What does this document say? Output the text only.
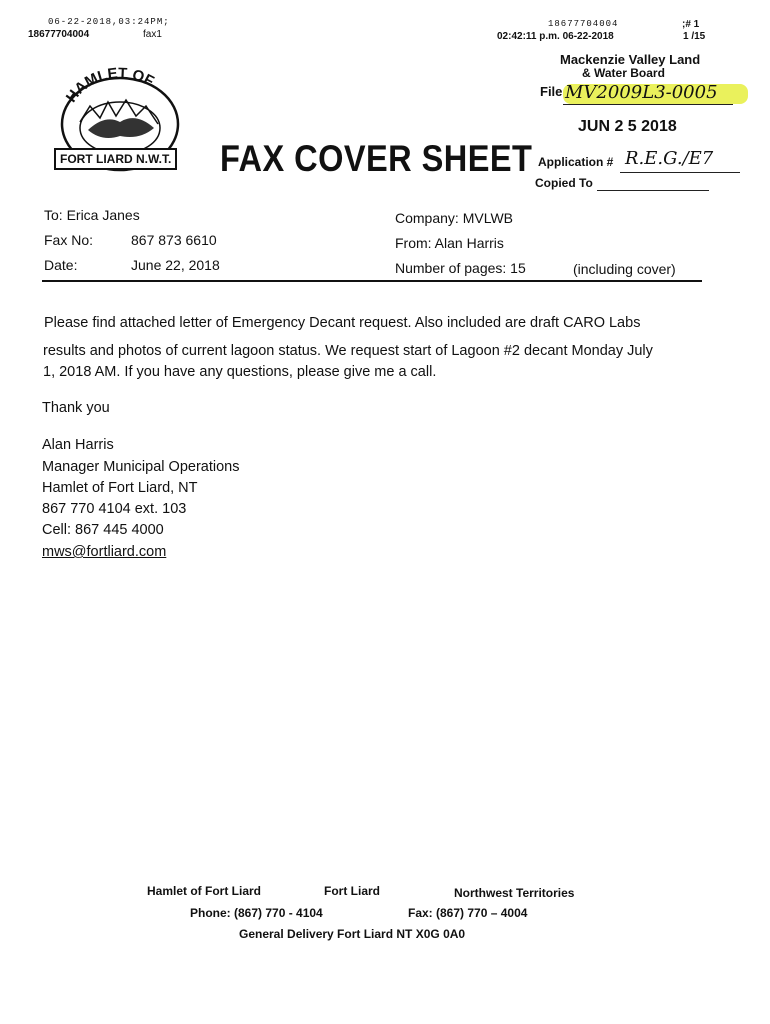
06-22-2018,03:24PM;
18677704004	fax1
18677704004
02:42:11 p.m. 06-22-2018
;# 1
1 /15
Mackenzie Valley Land
& Water Board
File MV2009L3-0005
JUN 2 5 2018
Application # R.E.G./E7
Copied To
HAMLET OF
FORT LIARD N.W.T. FAX COVER SHEET
To: Erica Janes
Fax No:	867 873 6610
Date:	June 22, 2018
Company: MVLWB
From: Alan Harris
Number of pages: 15	(including cover)
Please find attached letter of Emergency Decant request. Also included are draft CARO Labs
results and photos of current lagoon status. We request start of Lagoon #2 decant Monday July
1, 2018 AM. If you have any questions, please give me a call.
Thank you
Alan Harris
Manager Municipal Operations
Hamlet of Fort Liard, NT
867 770 4104 ext. 103
Cell: 867 445 4000
mws@fortliard.com
Hamlet of Fort Liard	Fort Liard	Northwest Territories
Phone: (867) 770 - 4104	Fax: (867) 770 – 4004
General Delivery Fort Liard NT X0G 0A0
